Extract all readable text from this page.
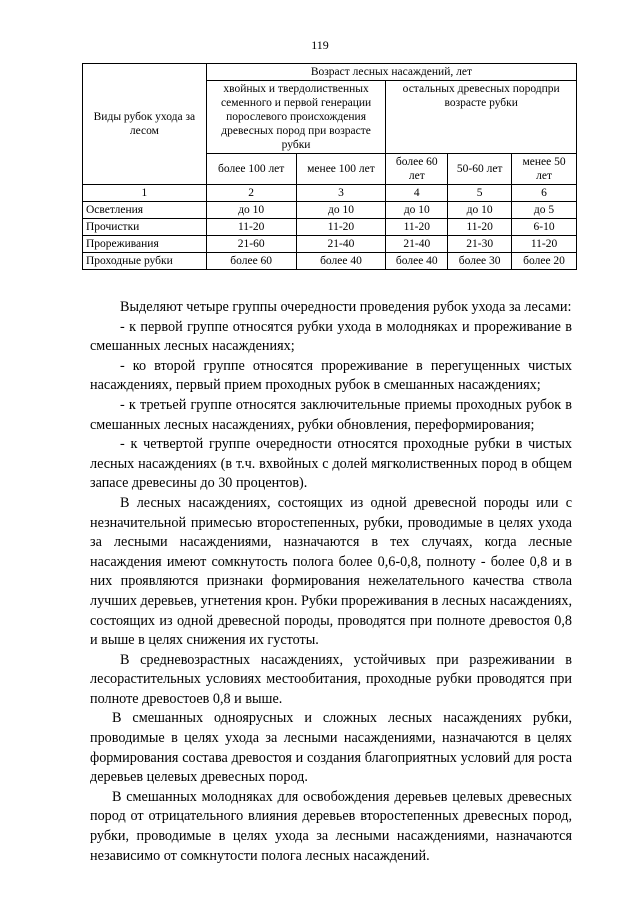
119
Виды рубок ухода за лесом	Возраст лесных насаждений, лет				
	хвойных и твердолиственных семенного и первой генерации порослевого происхождения древесных пород при возрасте рубки		остальных древесных породпри возрасте рубки		
	более 100 лет	менее 100 лет	более 60 лет	50-60 лет	менее 50 лет
1	2	3	4	5	6
Осветления	до 10	до 10	до 10	до 10	до 5
Прочистки	11-20	11-20	11-20	11-20	6-10
Прореживания	21-60	21-40	21-40	21-30	11-20
Проходные рубки	более 60	более 40	более 40	более 30	более 20

Выделяют четыре группы очередности проведения рубок ухода за лесами:

- к первой группе относятся рубки ухода в молодняках и прореживание в смешанных лесных насаждениях;

- ко второй группе относятся прореживание в перегущенных чистых насаждениях, первый прием проходных рубок в смешанных насаждениях;

- к третьей группе относятся заключительные приемы проходных рубок в смешанных лесных насаждениях, рубки обновления, переформирования;

- к четвертой группе очередности относятся проходные рубки в чистых лесных насаждениях (в т.ч. вхвойных с долей мягколиственных пород в общем запасе древесины до 30 процентов).

В лесных насаждениях, состоящих из одной древесной породы или с незначительной примесью второстепенных, рубки, проводимые в целях ухода за лесными насаждениями, назначаются в тех случаях, когда лесные насаждения имеют сомкнутость полога более 0,6-0,8, полноту - более 0,8 и в них проявляются признаки формирования нежелательного качества ствола лучших деревьев, угнетения крон. Рубки прореживания в лесных насаждениях, состоящих из одной древесной породы, проводятся при полноте древостоя 0,8 и выше в целях снижения их густоты.

В средневозрастных насаждениях, устойчивых при разреживании в лесорастительных условиях местообитания, проходные рубки проводятся при полноте древостоев 0,8 и выше.

В смешанных одноярусных и сложных лесных насаждениях рубки, проводимые в целях ухода за лесными насаждениями, назначаются в целях формирования состава древостоя и создания благоприятных условий для роста деревьев целевых древесных пород.

В смешанных молодняках для освобождения деревьев целевых древесных пород от отрицательного влияния деревьев второстепенных древесных пород, рубки, проводимые в целях ухода за лесными насаждениями, назначаются независимо от сомкнутости полога лесных насаждений.
